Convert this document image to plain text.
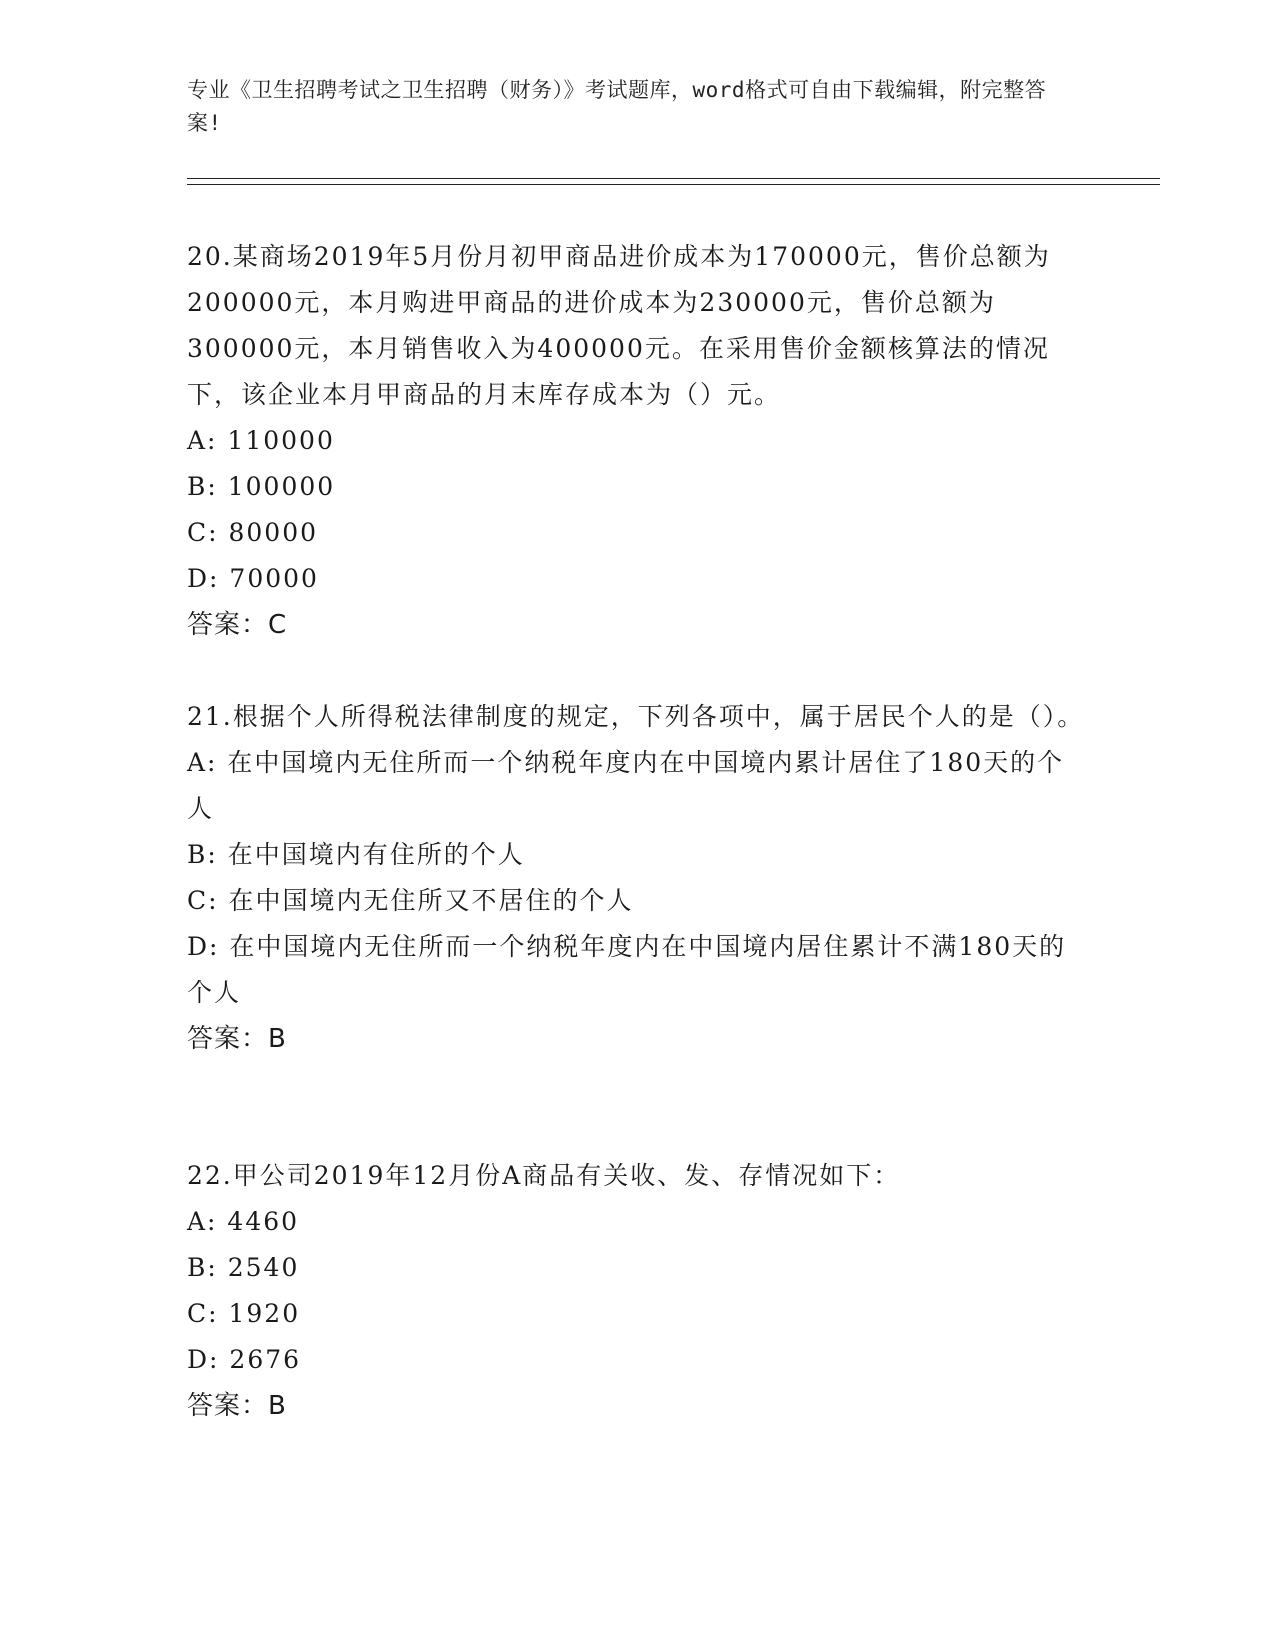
专业《卫生招聘考试之卫生招聘（财务）》考试题库，word格式可自由下载编辑，附完整答案!

20.某商场2019年5月份月初甲商品进价成本为170000元，售价总额为200000元，本月购进甲商品的进价成本为230000元，售价总额为300000元，本月销售收入为400000元。在采用售价金额核算法的情况下，该企业本月甲商品的月末库存成本为（）元。

A: 110000

B: 100000

C: 80000

D: 70000

答案：C

21.根据个人所得税法律制度的规定，下列各项中，属于居民个人的是（）。

A: 在中国境内无住所而一个纳税年度内在中国境内累计居住了180天的个人

B: 在中国境内有住所的个人

C: 在中国境内无住所又不居住的个人

D: 在中国境内无住所而一个纳税年度内在中国境内居住累计不满180天的个人

答案：B

22.甲公司2019年12月份A商品有关收、发、存情况如下：

A: 4460

B: 2540

C: 1920

D: 2676

答案：B
